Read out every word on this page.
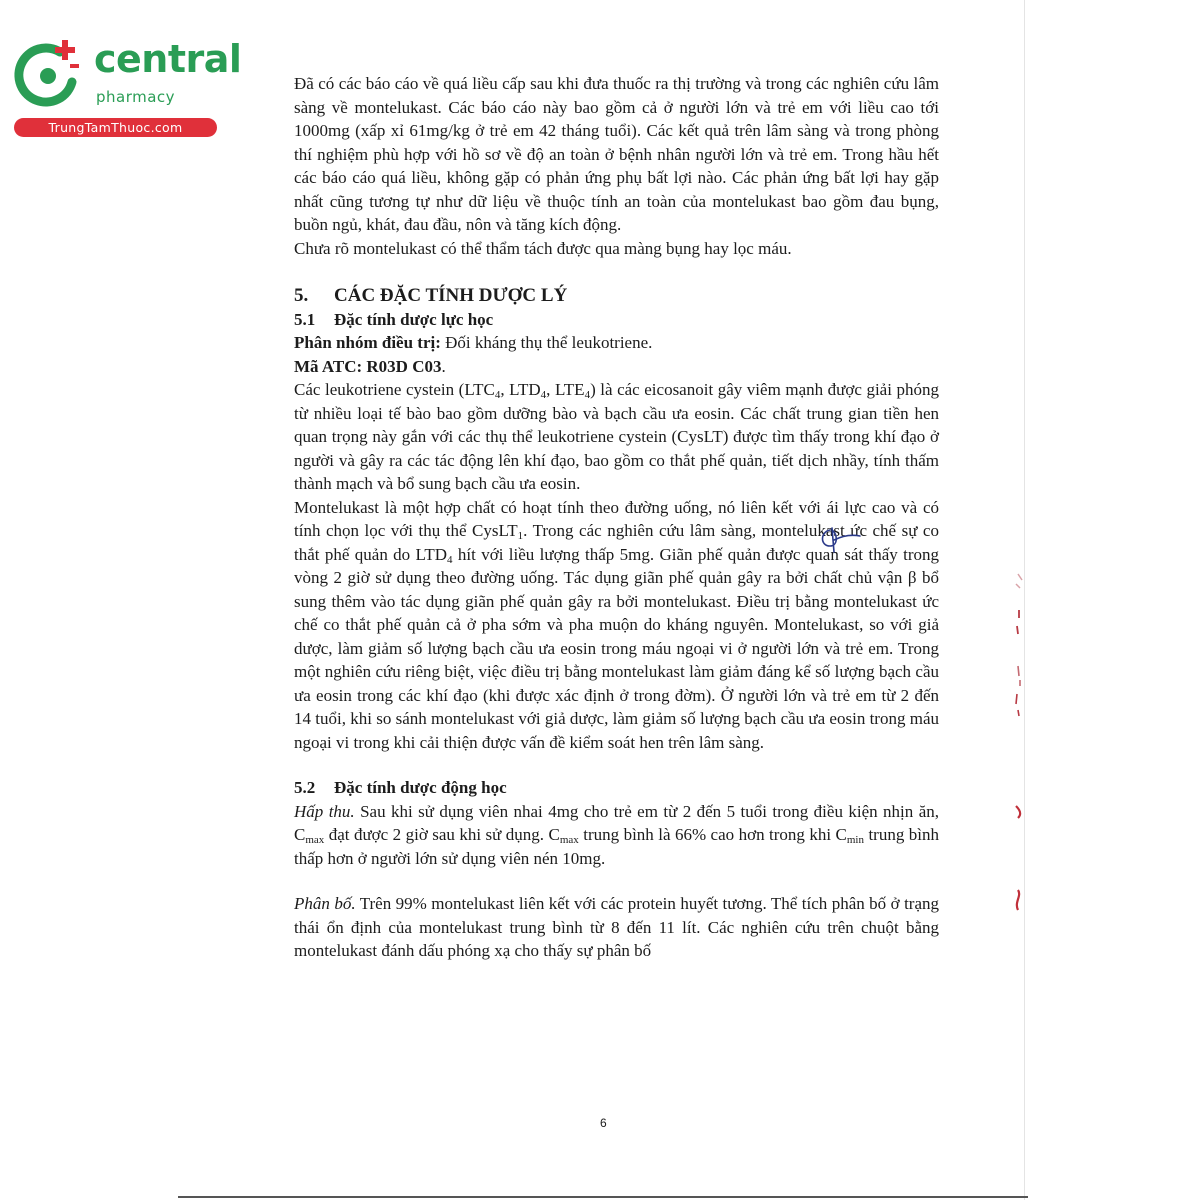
central
pharmacy
TrungTamThuoc.com

Đã có các báo cáo về quá liều cấp sau khi đưa thuốc ra thị trường và trong các nghiên cứu lâm sàng về montelukast. Các báo cáo này bao gồm cả ở người lớn và trẻ em với liều cao tới 1000mg (xấp xỉ 61mg/kg ở trẻ em 42 tháng tuổi). Các kết quả trên lâm sàng và trong phòng thí nghiệm phù hợp với hồ sơ về độ an toàn ở bệnh nhân người lớn và trẻ em. Trong hầu hết các báo cáo quá liều, không gặp có phản ứng phụ bất lợi nào. Các phản ứng bất lợi hay gặp nhất cũng tương tự như dữ liệu về thuộc tính an toàn của montelukast bao gồm đau bụng, buồn ngủ, khát, đau đầu, nôn và tăng kích động.

Chưa rõ montelukast có thể thẩm tách được qua màng bụng hay lọc máu.

5. CÁC ĐẶC TÍNH DƯỢC LÝ

5.1 Đặc tính dược lực học

Phân nhóm điều trị: Đối kháng thụ thể leukotriene.

Mã ATC: R03D C03.

Các leukotriene cystein ($LTC_4$, $LTD_4$, $LTE_4$) là các eicosanoit gây viêm mạnh được giải phóng từ nhiều loại tế bào bao gồm dưỡng bào và bạch cầu ưa eosin. Các chất trung gian tiền hen quan trọng này gắn với các thụ thể leukotriene cystein (CysLT) được tìm thấy trong khí đạo ở người và gây ra các tác động lên khí đạo, bao gồm co thắt phế quản, tiết dịch nhầy, tính thấm thành mạch và bổ sung bạch cầu ưa eosin.

Montelukast là một hợp chất có hoạt tính theo đường uống, nó liên kết với ái lực cao và có tính chọn lọc với thụ thể CysLT$_1$. Trong các nghiên cứu lâm sàng, montelukast ức chế sự co thắt phế quản do $LTD_4$ hít với liều lượng thấp 5mg. Giãn phế quản được quan sát thấy trong vòng 2 giờ sử dụng theo đường uống. Tác dụng giãn phế quản gây ra bởi chất chủ vận β bổ sung thêm vào tác dụng giãn phế quản gây ra bởi montelukast. Điều trị bằng montelukast ức chế co thắt phế quản cả ở pha sớm và pha muộn do kháng nguyên. Montelukast, so với giả dược, làm giảm số lượng bạch cầu ưa eosin trong máu ngoại vi ở người lớn và trẻ em. Trong một nghiên cứu riêng biệt, việc điều trị bằng montelukast làm giảm đáng kể số lượng bạch cầu ưa eosin trong các khí đạo (khi được xác định ở trong đờm). Ở người lớn và trẻ em từ 2 đến 14 tuổi, khi so sánh montelukast với giả dược, làm giảm số lượng bạch cầu ưa eosin trong máu ngoại vi trong khi cải thiện được vấn đề kiểm soát hen trên lâm sàng.

5.2 Đặc tính dược động học

Hấp thu. Sau khi sử dụng viên nhai 4mg cho trẻ em từ 2 đến 5 tuổi trong điều kiện nhịn ăn, $C_{max}$ đạt được 2 giờ sau khi sử dụng. $C_{max}$ trung bình là 66% cao hơn trong khi $C_{min}$ trung bình thấp hơn ở người lớn sử dụng viên nén 10mg.

Phân bố. Trên 99% montelukast liên kết với các protein huyết tương. Thể tích phân bố ở trạng thái ổn định của montelukast trung bình từ 8 đến 11 lít. Các nghiên cứu trên chuột bằng montelukast đánh dấu phóng xạ cho thấy sự phân bố

6
